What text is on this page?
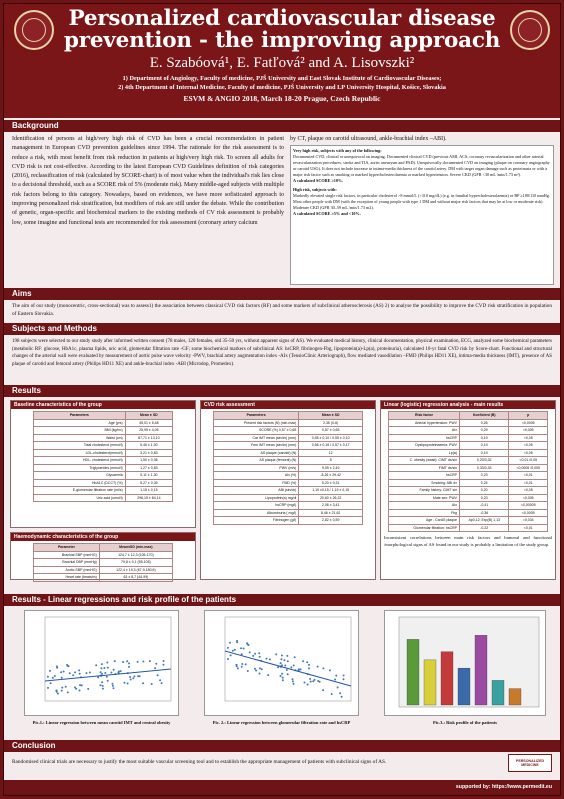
Personalized cardiovascular disease
prevention - the improving approach
E. Szabóová¹, E. Fatľová² and A. Lisovszki²
1) Department of Angiology, Faculty of medicine, PJŠ University and East Slovak Institute of Cardiovascular Diseases;
2) 4th Department of Internal Medicine, Faculty of medicine, PJŠ University and LP University Hospital, Košice, Slovakia
ESVM & ANGIO 2018, March 18-20 Prague, Czech Republic
Background
Identification of persons at high/very high risk of CVD has been a crucial recommendation in patient management in European CVD prevention guidelines since 1994. The rationale for the risk assessment is to reduce a risk, with most benefit from risk reduction in patients at high/very high risk. To screen all adults for CVD risk is not cost-effective. According to the latest European CVD Guidelines definition of risk categories (2016), reclassification of risk (calculated by SCORE-chart) is of most value when the individual's risk lies close to a decisional threshold, such as a SCORE risk of 5% (moderate risk). Many middle-aged subjects with multiple risk factors belong to this category. Nowadays, based on evidences, we have more sofisticated approach to improving personalized risk stratification, but modifiers of risk are still under the debate. While the contribution of genetic, organ-specific and biochemical markers to the existing methods of CV risk assessment is probably low, some imagine and functional tests are recommended for risk assessment (coronary artery calcium
by CT, plaque on carotid ultrasound, ankle-brachial index –ABI).
Very high risk, subjects with any of the following:
Documented CVD, clinical or unequivocal on imaging. Documented clinical CVD (previous AMI, ACS, coronary revascularization and other arterial revascularization procedures, stroke and TIA, aortic aneurysm and PAD). Unequivocally documented CVD on imaging (plaque on coronary angiography or carotid USG). It does not include increase in intima-media thickness of the carotid artery. DM with target organ damage such as proteinuria or with a major risk factor such as smoking or marked hypercholesterolaemia or marked hypertension. Severe CKD (GFR <30 mL /min/1.73 m²).
A calculated SCORE ≥10%.
High risk, subjects with:
Markedly elevated single risk factors, in particular cholesterol >8 mmol/L (>310 mg/dL) (e.g. in familial hypercholesterolaemia) or BP ≥180/110 mmHg. Most other people with DM (with the exception of young people with type 1 DM and without major risk factors that may be at low or moderate risk). Moderate CKD (GFR 30–59 mL /min/1.73 m2).
A calculated SCORE ≥5% and <10%.
Aims
The aim of our study (monocentric, cross-sectional) was to assess1) the association between classical CVD risk factors (RF) and some markers of subclinical atherosclerosis (AS) 2) to analyse the possibility to improve the CVD risk stratification in population of Eastern Slovakia.
Subjects and Methods
198 subjects were selected to our study study after informed written consent (78 males, 120 females, old 35-50 yrs, without apparent signs of AS). We evaluated medical history, clinical documentation, physical examination, ECG, analyzed some biochemical parameters (metabolic RF: glucose, HbA1c, plasma lipids, uric acid, glomerular filtration rate -GF; some biochemical markers of subclinical AS: hsCRP, fibrinogen-Fbg, lipoprotein(a)-Lp(a), proteinuria), calculated 10-yr fatal CVD risk by Score-chart. Functional and structural changes of the arterial wall were evaluated by measurement of aortic pulse wave velocity -PWV, brachial artery augmentation index -AIx (TensioClinic Arteriograph), flow mediated vasodilation –FMD (Philips HD11 XE), intima-media thickness (IMT), presence of AS plaque of carotid and femoral artery (Philips HD11 XE) and ankle-brachial index -ABI (Microdop, Promedex).
Results
Baseline characteristics of the group
Parameters	Mean ± SD
Age (yrs)	45,01 ± 5,48
BMI (kg/m²)	25,95 ± 4,06
Waist (cm)	87,71 ± 13,10
Total cholesterol (mmol/l)	5,46 ± 1,00
LDL-cholesterol(mmol/l)	3,21 ± 0,83
HDL- cholesterol (mmol/l)	1,50 ± 0,36
Triglycerides (mmol/l)	1,27 ± 0,83
Glycaemia	5,11 ± 1,30
HbA1C (DCCT) (%)	5,27 ± 0,39
E-glomerular filtration rate (ml/s)	1,15 ± 0,15
Uric acid (umol/l)	296,15 ± 84,14
Haemodynamic characteristics of the group
Parameter	Mean±SD (min-max)
Brachial SBP (mmHG)	124,7 ± 12,3 (105-170)
Brachial DBP (mmHg)	79,8 ± 9,1 (55-105)
Aortic SBP (mmHG)	122,4 ± 19,3 (67,9-180,6)
Heart rate (beats/m)	63 ± 8,7 (44-99)
CVD risk assessment
Parameters	Mean ± SD
Present risk factors (N) (min-max)	2,35 (0-6)
SCORE (%) 0,57 ± 0,65	0,57 ± 0,65
Car IMT mean (sin/dx) (mm)	0,55 ± 0,10 / 0,55 ± 0,10
Fem IMT mean (sin/dx) (mm)	0,56 ± 0,16 / 0,57 ± 0,17
AS plaque (carotid) (N)	12
AS plaque (femoral) (N)	5
PWV (m/s)	9,09 ± 2,49
AIx (%)	-8,26 ± 29,42
FMD (%)	5,20 ± 9,31
ABI (sin/dx)	1,19 ±0,15 / 1,19 ± 0,15
Lipoprotein(a) mg/dl	20,60 ± 26,22
hsCRP (mg/l)	2,06 ± 3,41
Albuminuria ( mg/l)	8,46 ± 21,62
Fibrinogen (g/l)	2,82 ± 0,59
Linear (logistic) regression analysis - main results
Risk factor	Koeficient (B)	p
Arterial hypertension: PWV	0,26	<0,0005
AIx	0,29	<0,005
hsCRP	0,19	<0,05
Dyslipoproteinaemia: PWV	0,19	<0,05
Lp(a)	0,19	<0,05
C. obesity (waist): CIMT dx/sin	0,20/0,32	<0,01 /0,05
FIMT dx/sin	0,33/0,33	<0,0005 /0,005
hsCRP	0,23	<0,01
Smoking: ABI dx	0,24	<0,01
Family history: CIMT sin	0,20	<0,05
Male sex: PWV	0,23	<0,005
AIx	-0,41	<0,00005
Fbg	-0,36	<0,0005
Age : CarAS plaque	Ap0,12; Exp(B) 1,13	=0,034
Glomerular filtration: hsCRP	-0,22	<0,01
Inconsistent correlations between main risk factors and humeral and functional /morphological signs of AS found in our study is probably a limitation of the study group.
Results - Linear regressions and risk profile of the patients
Pic.1.: Linear regression between mean carotid IMT and central obesity	Pic. 2.: Linear regression between glomerular filtration rate and hsCRP	Pic.3.: Risk profile of the patients
Conclusion
Randomised clinical trials are necessary to justify the most suitable vascular screening tool and to establish the appropriate management of patients with subclinical signs of AS.	PERSONALIZED MEDICINE
supported by: https://www.permedit.eu
